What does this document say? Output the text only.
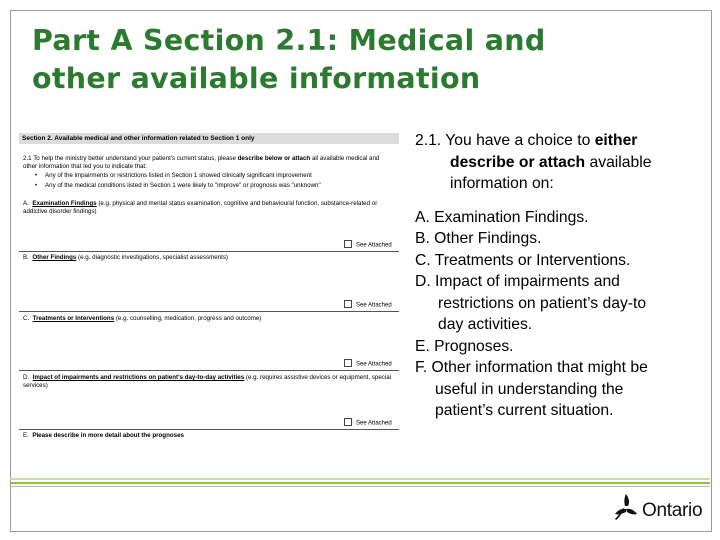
Part A Section 2.1: Medical and
other available information
Section 2. Available medical and other information related to Section 1 only

2.1 To help the ministry better understand your patient's current status, please describe below or attach all available medical and other information that led you to indicate that:

• Any of the impairments or restrictions listed in Section 1 showed clinically significant improvement
• Any of the medical conditions listed in Section 1 were likely to "improve" or prognosis was "unknown"
A. Examination Findings (e.g. physical and mental status examination, cognitive and behavioural function, substance-related or addictive disorder findings)
See Attached
B. Other Findings (e.g. diagnostic investigations, specialist assessments)
See Attached
C. Treatments or Interventions (e.g. counselling, medication, progress and outcome)
See Attached
D. Impact of impairments and restrictions on patient's day-to-day activities (e.g. requires assistive devices or equipment, special services)
See Attached
E. Please describe in more detail about the prognoses
2.1. You have a choice to either
describe or attach available
information on:
A. Examination Findings.
B. Other Findings.
C. Treatments or Interventions.
D. Impact of impairments and
restrictions on patient’s day-to
day activities.
E. Prognoses.
F. Other information that might be
useful in understanding the
patient’s current situation.
Ontario
